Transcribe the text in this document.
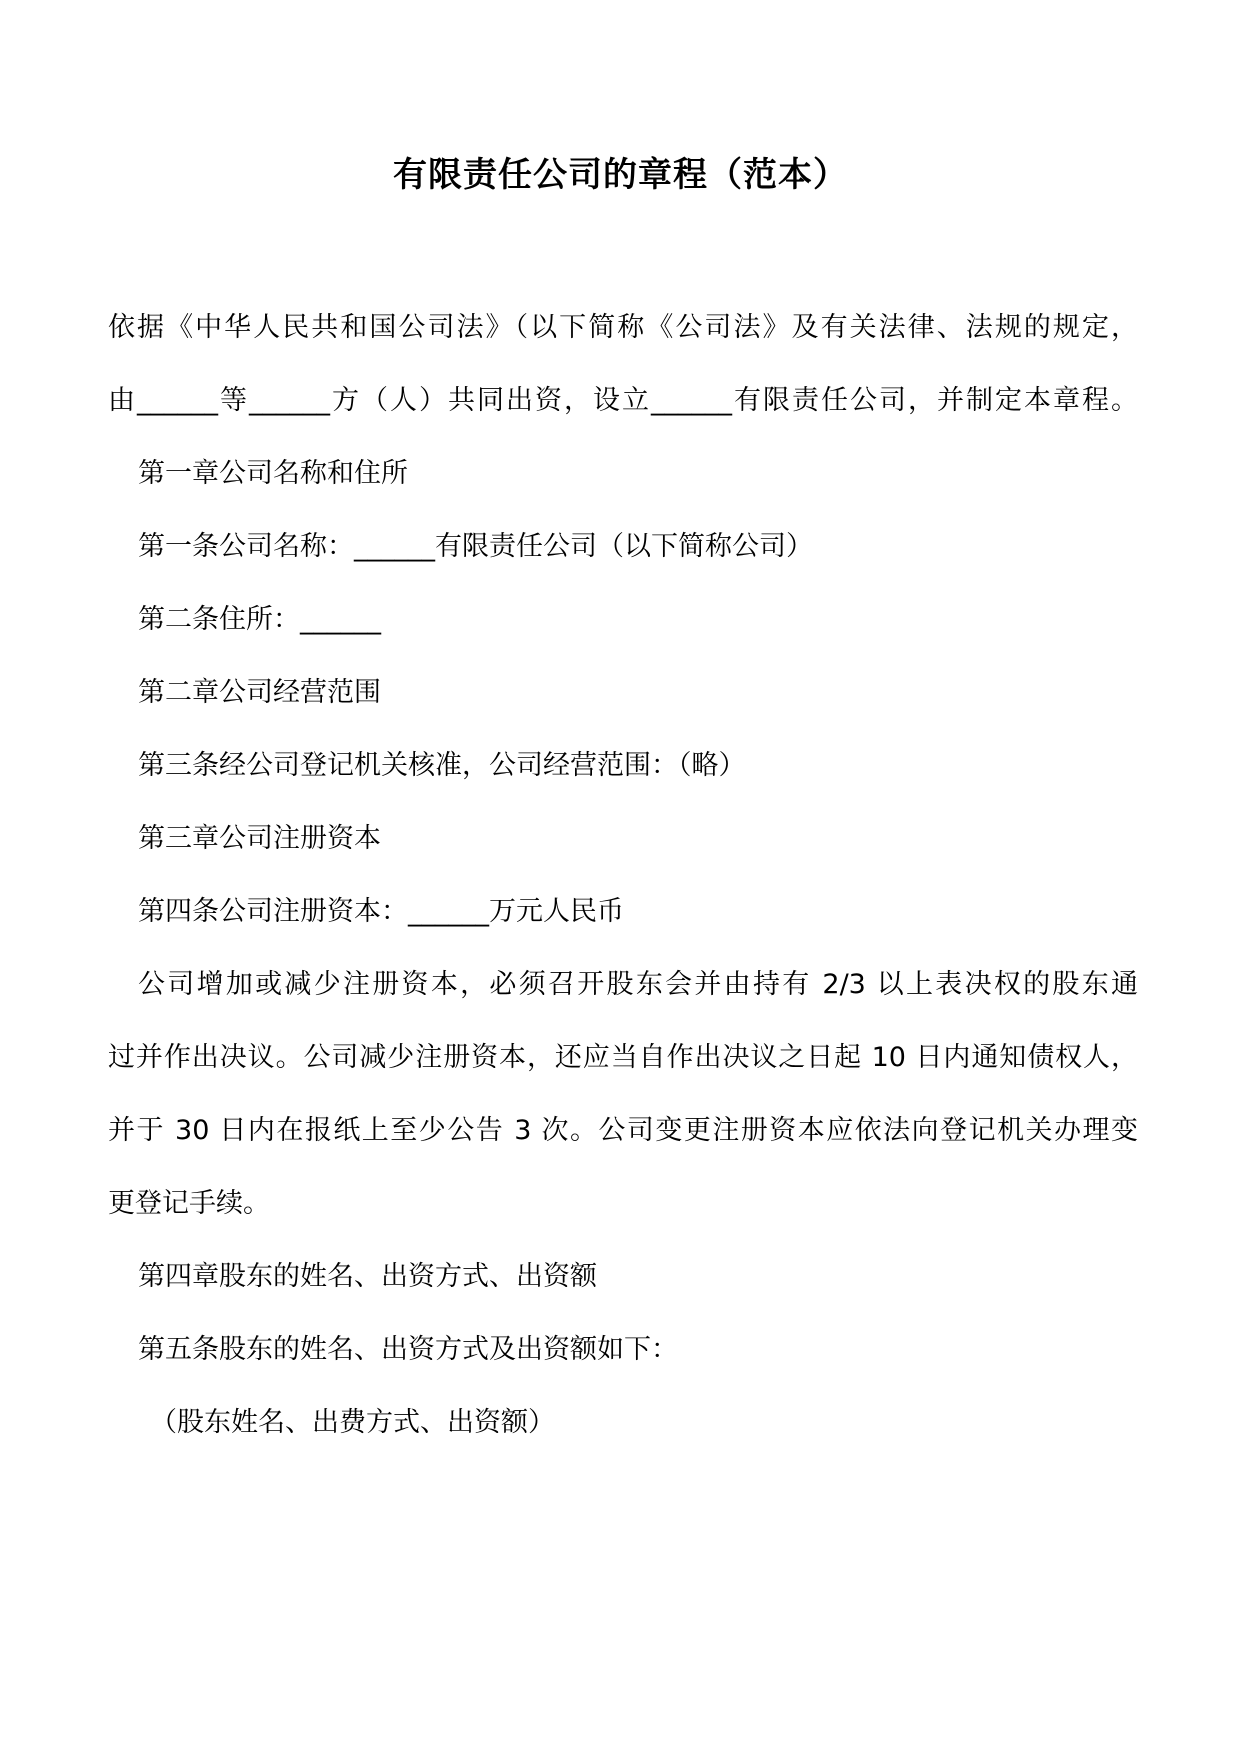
有限责任公司的章程（范本）
依据《中华人民共和国公司法》（以下简称《公司法》及有关法律、法规的规定，
由______等______方（人）共同出资，设立______有限责任公司，并制定本章程。
第一章公司名称和住所
第一条公司名称：______有限责任公司（以下简称公司）
第二条住所：______
第二章公司经营范围
第三条经公司登记机关核准，公司经营范围：（略）
第三章公司注册资本
第四条公司注册资本：______万元人民币
公司增加或减少注册资本，必须召开股东会并由持有 2/3 以上表决权的股东通
过并作出决议。公司减少注册资本，还应当自作出决议之日起 10 日内通知债权人，
并于 30 日内在报纸上至少公告 3 次。公司变更注册资本应依法向登记机关办理变
更登记手续。
第四章股东的姓名、出资方式、出资额
第五条股东的姓名、出资方式及出资额如下：
（股东姓名、出费方式、出资额）
